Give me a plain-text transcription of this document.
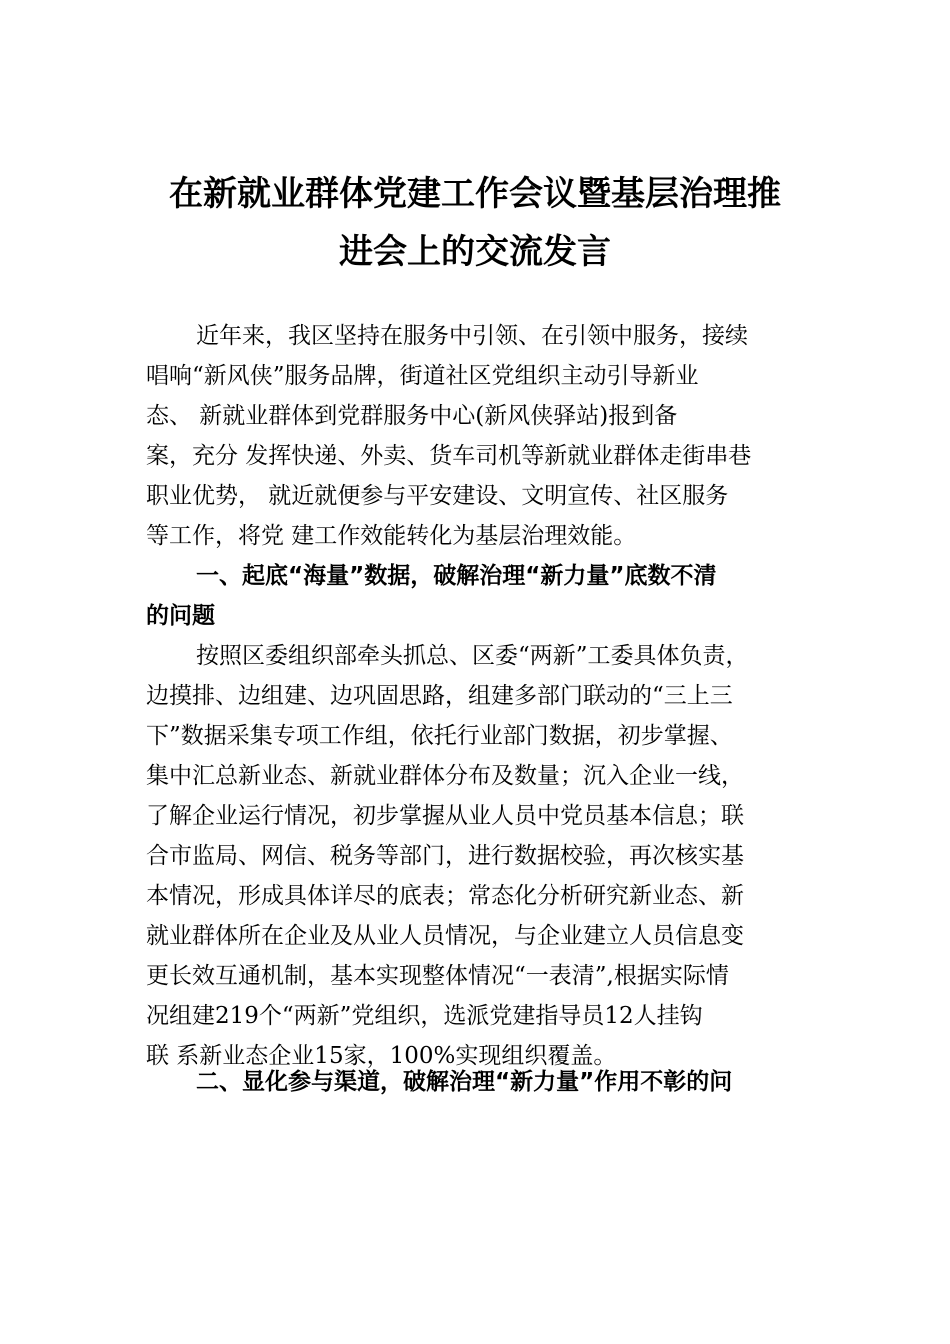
在新就业群体党建工作会议暨基层治理推
进会上的交流发言
近年来，我区坚持在服务中引领、在引领中服务，接续
唱响“新风侠”服务品牌，街道社区党组织主动引导新业
态、 新就业群体到党群服务中心(新风侠驿站)报到备
案，充分 发挥快递、外卖、货车司机等新就业群体走街串巷
职业优势， 就近就便参与平安建设、文明宣传、社区服务
等工作，将党 建工作效能转化为基层治理效能。
一、起底“海量”数据，破解治理“新力量”底数不清
的问题
按照区委组织部牵头抓总、区委“两新”工委具体负责，
边摸排、边组建、边巩固思路，组建多部门联动的“三上三
下”数据采集专项工作组，依托行业部门数据，初步掌握、
集中汇总新业态、新就业群体分布及数量；沉入企业一线，
了解企业运行情况，初步掌握从业人员中党员基本信息；联
合市监局、网信、税务等部门，进行数据校验，再次核实基
本情况，形成具体详尽的底表；常态化分析研究新业态、新
就业群体所在企业及从业人员情况，与企业建立人员信息变
更长效互通机制，基本实现整体情况“一表清”,根据实际情
况组建219个“两新”党组织，选派党建指导员12人挂钩
联 系新业态企业15家，100%实现组织覆盖。
二、显化参与渠道，破解治理“新力量”作用不彰的问
